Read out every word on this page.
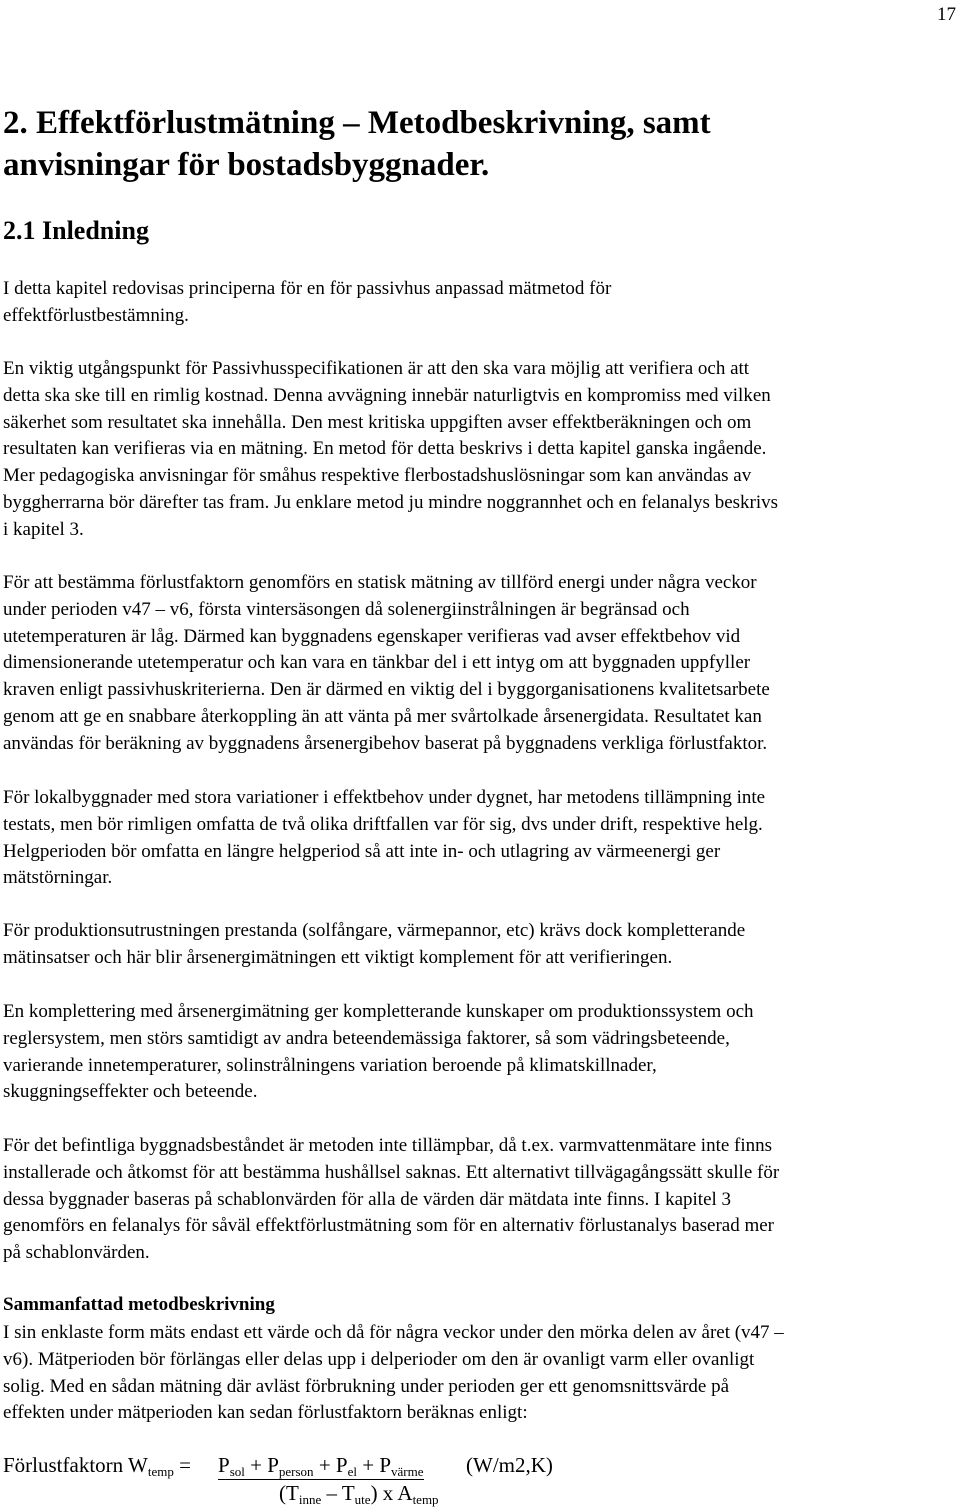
17
2. Effektförlustmätning – Metodbeskrivning, samt
anvisningar för bostadsbyggnader.
2.1 Inledning
I detta kapitel redovisas principerna för en för passivhus anpassad mätmetod för
effektförlustbestämning.
En viktig utgångspunkt för Passivhusspecifikationen är att den ska vara möjlig att verifiera och att
detta ska ske till en rimlig kostnad. Denna avvägning innebär naturligtvis en kompromiss med vilken
säkerhet som resultatet ska innehålla. Den mest kritiska uppgiften avser effektberäkningen och om
resultaten kan verifieras via en mätning. En metod för detta beskrivs i detta kapitel ganska ingående.
Mer pedagogiska anvisningar för småhus respektive flerbostadshuslösningar som kan användas av
byggherrarna bör därefter tas fram. Ju enklare metod ju mindre noggrannhet och en felanalys beskrivs
i kapitel 3.
För att bestämma förlustfaktorn genomförs en statisk mätning av tillförd energi under några veckor
under perioden v47 – v6, första vintersäsongen då solenergiinstrålningen är begränsad och
utetemperaturen är låg. Därmed kan byggnadens egenskaper verifieras vad avser effektbehov vid
dimensionerande utetemperatur och kan vara en tänkbar del i ett intyg om att byggnaden uppfyller
kraven enligt passivhuskriterierna. Den är därmed en viktig del i byggorganisationens kvalitetsarbete
genom att ge en snabbare återkoppling än att vänta på mer svårtolkade årsenergidata. Resultatet kan
användas för beräkning av byggnadens årsenergibehov baserat på byggnadens verkliga förlustfaktor.
För lokalbyggnader med stora variationer i effektbehov under dygnet, har metodens tillämpning inte
testats, men bör rimligen omfatta de två olika driftfallen var för sig, dvs under drift, respektive helg.
Helgperioden bör omfatta en längre helgperiod så att inte in- och utlagring av värmeenergi ger
mätstörningar.
För produktionsutrustningen prestanda (solfångare, värmepannor, etc) krävs dock kompletterande
mätinsatser och här blir årsenergimätningen ett viktigt komplement för att verifieringen.
En komplettering med årsenergimätning ger kompletterande kunskaper om produktionssystem och
reglersystem, men störs samtidigt av andra beteendemässiga faktorer, så som vädringsbeteende,
varierande innetemperaturer, solinstrålningens variation beroende på klimatskillnader,
skuggningseffekter och beteende.
För det befintliga byggnadsbeståndet är metoden inte tillämpbar, då t.ex. varmvattenmätare inte finns
installerade och åtkomst för att bestämma hushållsel saknas. Ett alternativt tillvägagångssätt skulle för
dessa byggnader baseras på schablonvärden för alla de värden där mätdata inte finns. I kapitel 3
genomförs en felanalys för såväl effektförlustmätning som för en alternativ förlustanalys baserad mer
på schablonvärden.
Sammanfattad metodbeskrivning
I sin enklaste form mäts endast ett värde och då för några veckor under den mörka delen av året (v47 –
v6). Mätperioden bör förlängas eller delas upp i delperioder om den är ovanligt varm eller ovanligt
solig. Med en sådan mätning där avläst förbrukning under perioden ger ett genomsnittsvärde på
effekten under mätperioden kan sedan förlustfaktorn beräknas enligt:
Förlustfaktorn $W_{temp} = P_{sol} + P_{person} + P_{el} + P_{värme}$ (W/m2,K)
$(T_{inne} - T_{ute})$ x $A_{temp}$
